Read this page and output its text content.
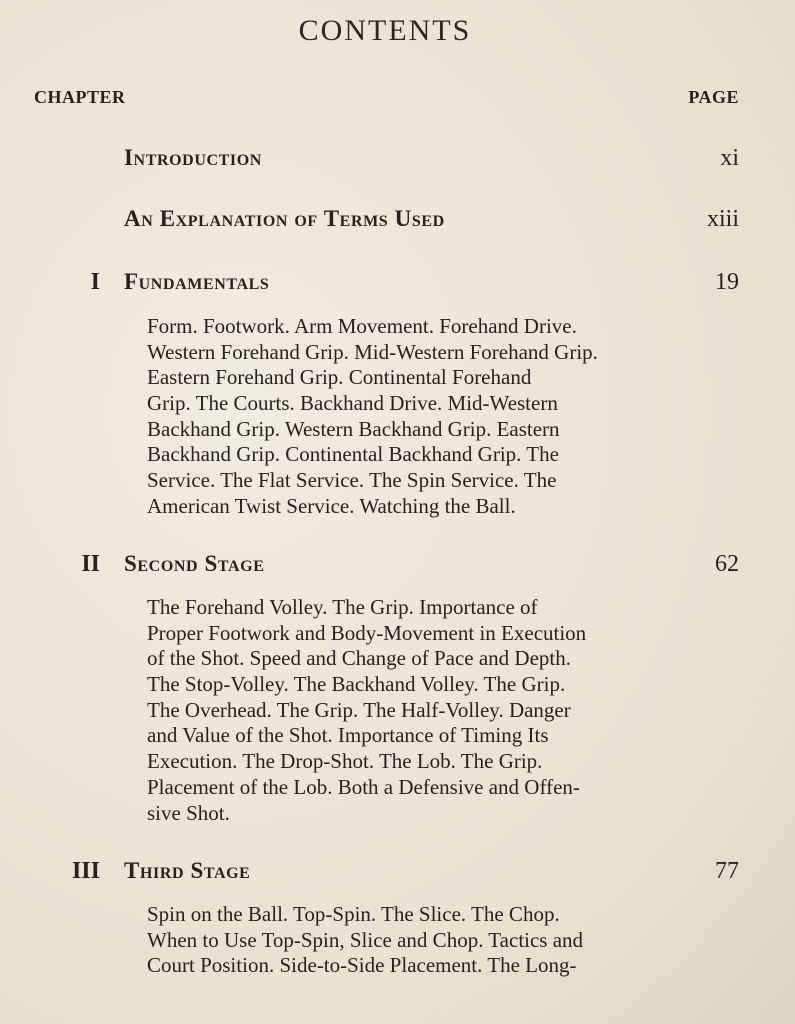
CONTENTS
CHAPTER	PAGE
Introduction	xi
An Explanation of Terms Used	xiii
I Fundamentals	19
Form. Footwork. Arm Movement. Forehand Drive.
Western Forehand Grip. Mid-Western Forehand Grip.
Eastern Forehand Grip. Continental Forehand
Grip. The Courts. Backhand Drive. Mid-Western
Backhand Grip. Western Backhand Grip. Eastern
Backhand Grip. Continental Backhand Grip. The
Service. The Flat Service. The Spin Service. The
American Twist Service. Watching the Ball.
II Second Stage	62
The Forehand Volley. The Grip. Importance of
Proper Footwork and Body-Movement in Execution
of the Shot. Speed and Change of Pace and Depth.
The Stop-Volley. The Backhand Volley. The Grip.
The Overhead. The Grip. The Half-Volley. Danger
and Value of the Shot. Importance of Timing Its
Execution. The Drop-Shot. The Lob. The Grip.
Placement of the Lob. Both a Defensive and Offen-
sive Shot.
III Third Stage	77
Spin on the Ball. Top-Spin. The Slice. The Chop.
When to Use Top-Spin, Slice and Chop. Tactics and
Court Position. Side-to-Side Placement. The Long-
